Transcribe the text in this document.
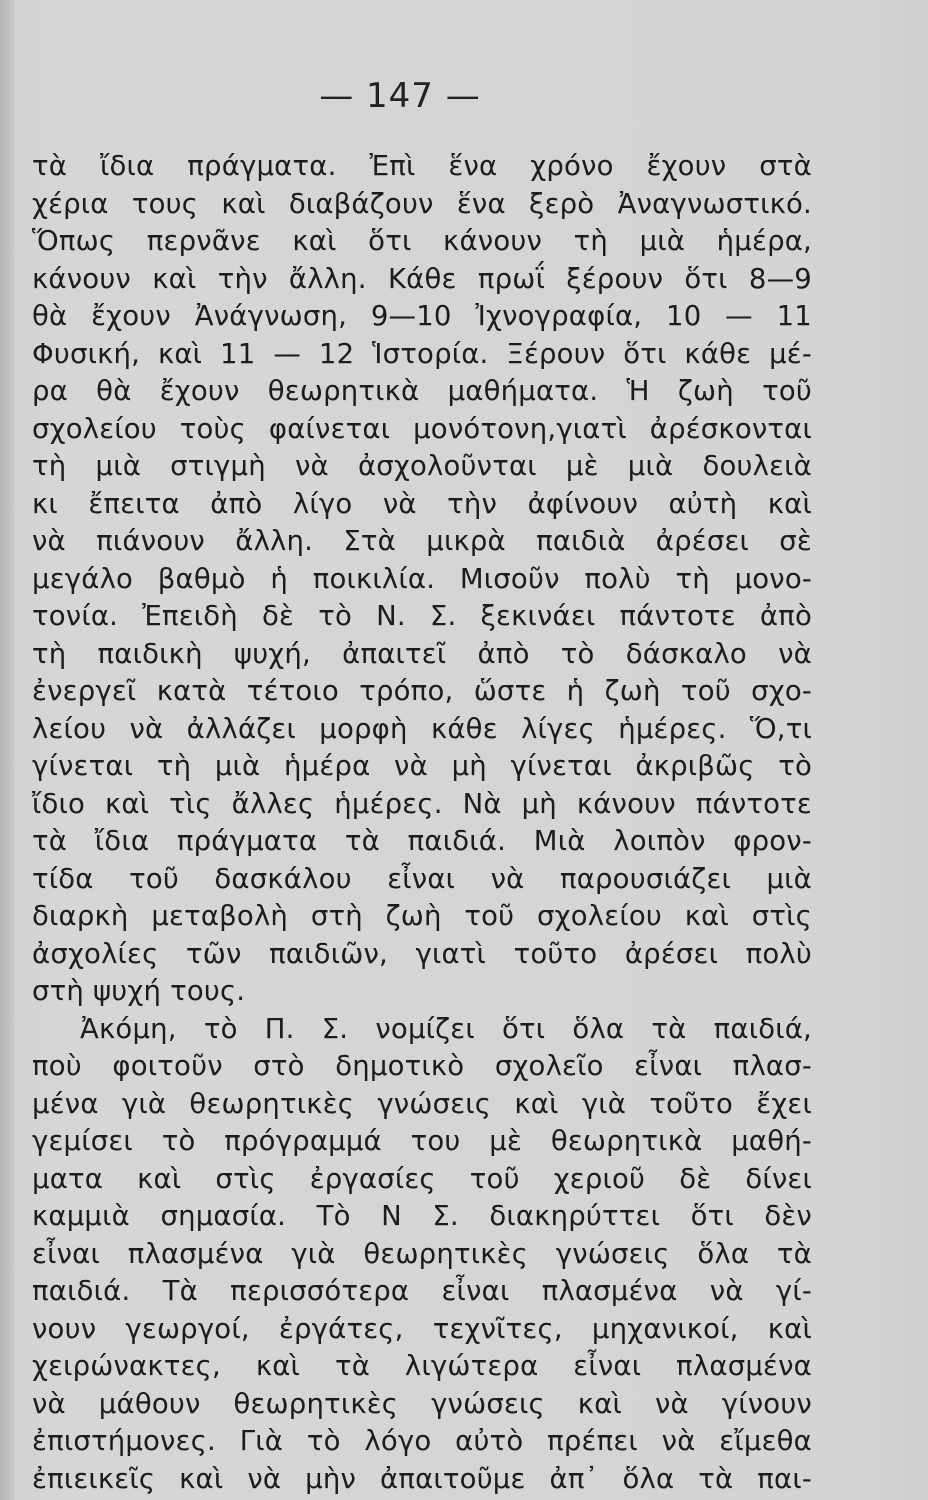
— 147 —
τὰ ἴδια πράγματα. Ἐπὶ ἕνα χρόνο ἔχουν στὰ
χέρια τους καὶ διαβάζουν ἕνα ξερὸ Ἀναγνωστικό.
Ὅπως περνᾶνε καὶ ὅτι κάνουν τὴ μιὰ ἡμέρα,
κάνουν καὶ τὴν ἄλλη. Κάθε πρωΐ ξέρουν ὅτι 8—9
θὰ ἔχουν Ἀνάγνωση, 9—10 Ἰχνογραφία, 10 — 11
Φυσική, καὶ 11 — 12 Ἱστορία. Ξέρουν ὅτι κάθε μέ-
ρα θὰ ἔχουν θεωρητικὰ μαθήματα. Ἡ ζωὴ τοῦ
σχολείου τοὺς φαίνεται μονότονη,γιατὶ ἀρέσκονται
τὴ μιὰ στιγμὴ νὰ ἀσχολοῦνται μὲ μιὰ δουλειὰ
κι ἔπειτα ἀπὸ λίγο νὰ τὴν ἀφίνουν αὐτὴ καὶ
νὰ πιάνουν ἄλλη. Στὰ μικρὰ παιδιὰ ἀρέσει σὲ
μεγάλο βαθμὸ ἡ ποικιλία. Μισοῦν πολὺ τὴ μονο-
τονία. Ἐπειδὴ δὲ τὸ Ν. Σ. ξεκινάει πάντοτε ἀπὸ
τὴ παιδικὴ ψυχή, ἀπαιτεῖ ἀπὸ τὸ δάσκαλο νὰ
ἐνεργεῖ κατὰ τέτοιο τρόπο, ὥστε ἡ ζωὴ τοῦ σχο-
λείου νὰ ἀλλάζει μορφὴ κάθε λίγες ἡμέρες. Ὅ,τι
γίνεται τὴ μιὰ ἡμέρα νὰ μὴ γίνεται ἀκριβῶς τὸ
ἴδιο καὶ τὶς ἄλλες ἡμέρες. Νὰ μὴ κάνουν πάντοτε
τὰ ἴδια πράγματα τὰ παιδιά. Μιὰ λοιπὸν φρον-
τίδα τοῦ δασκάλου εἶναι νὰ παρουσιάζει μιὰ
διαρκὴ μεταβολὴ στὴ ζωὴ τοῦ σχολείου καὶ στὶς
ἀσχολίες τῶν παιδιῶν, γιατὶ τοῦτο ἀρέσει πολὺ
στὴ ψυχή τους.
Ἀκόμη, τὸ Π. Σ. νομίζει ὅτι ὅλα τὰ παιδιά,
ποὺ φοιτοῦν στὸ δημοτικὸ σχολεῖο εἶναι πλασ-
μένα γιὰ θεωρητικὲς γνώσεις καὶ γιὰ τοῦτο ἔχει
γεμίσει τὸ πρόγραμμά του μὲ θεωρητικὰ μαθή-
ματα καὶ στὶς ἐργασίες τοῦ χεριοῦ δὲ δίνει
καμμιὰ σημασία. Τὸ Ν Σ. διακηρύττει ὅτι δὲν
εἶναι πλασμένα γιὰ θεωρητικὲς γνώσεις ὅλα τὰ
παιδιά. Τὰ περισσότερα εἶναι πλασμένα νὰ γί-
νουν γεωργοί, ἐργάτες, τεχνῖτες, μηχανικοί, καὶ
χειρώνακτες, καὶ τὰ λιγώτερα εἶναι πλασμένα
νὰ μάθουν θεωρητικὲς γνώσεις καὶ νὰ γίνουν
ἐπιστήμονες. Γιὰ τὸ λόγο αὐτὸ πρέπει νὰ εἴμεθα
ἐπιεικεῖς καὶ νὰ μὴν ἀπαιτοῦμε ἀπ᾽ ὅλα τὰ παι-
